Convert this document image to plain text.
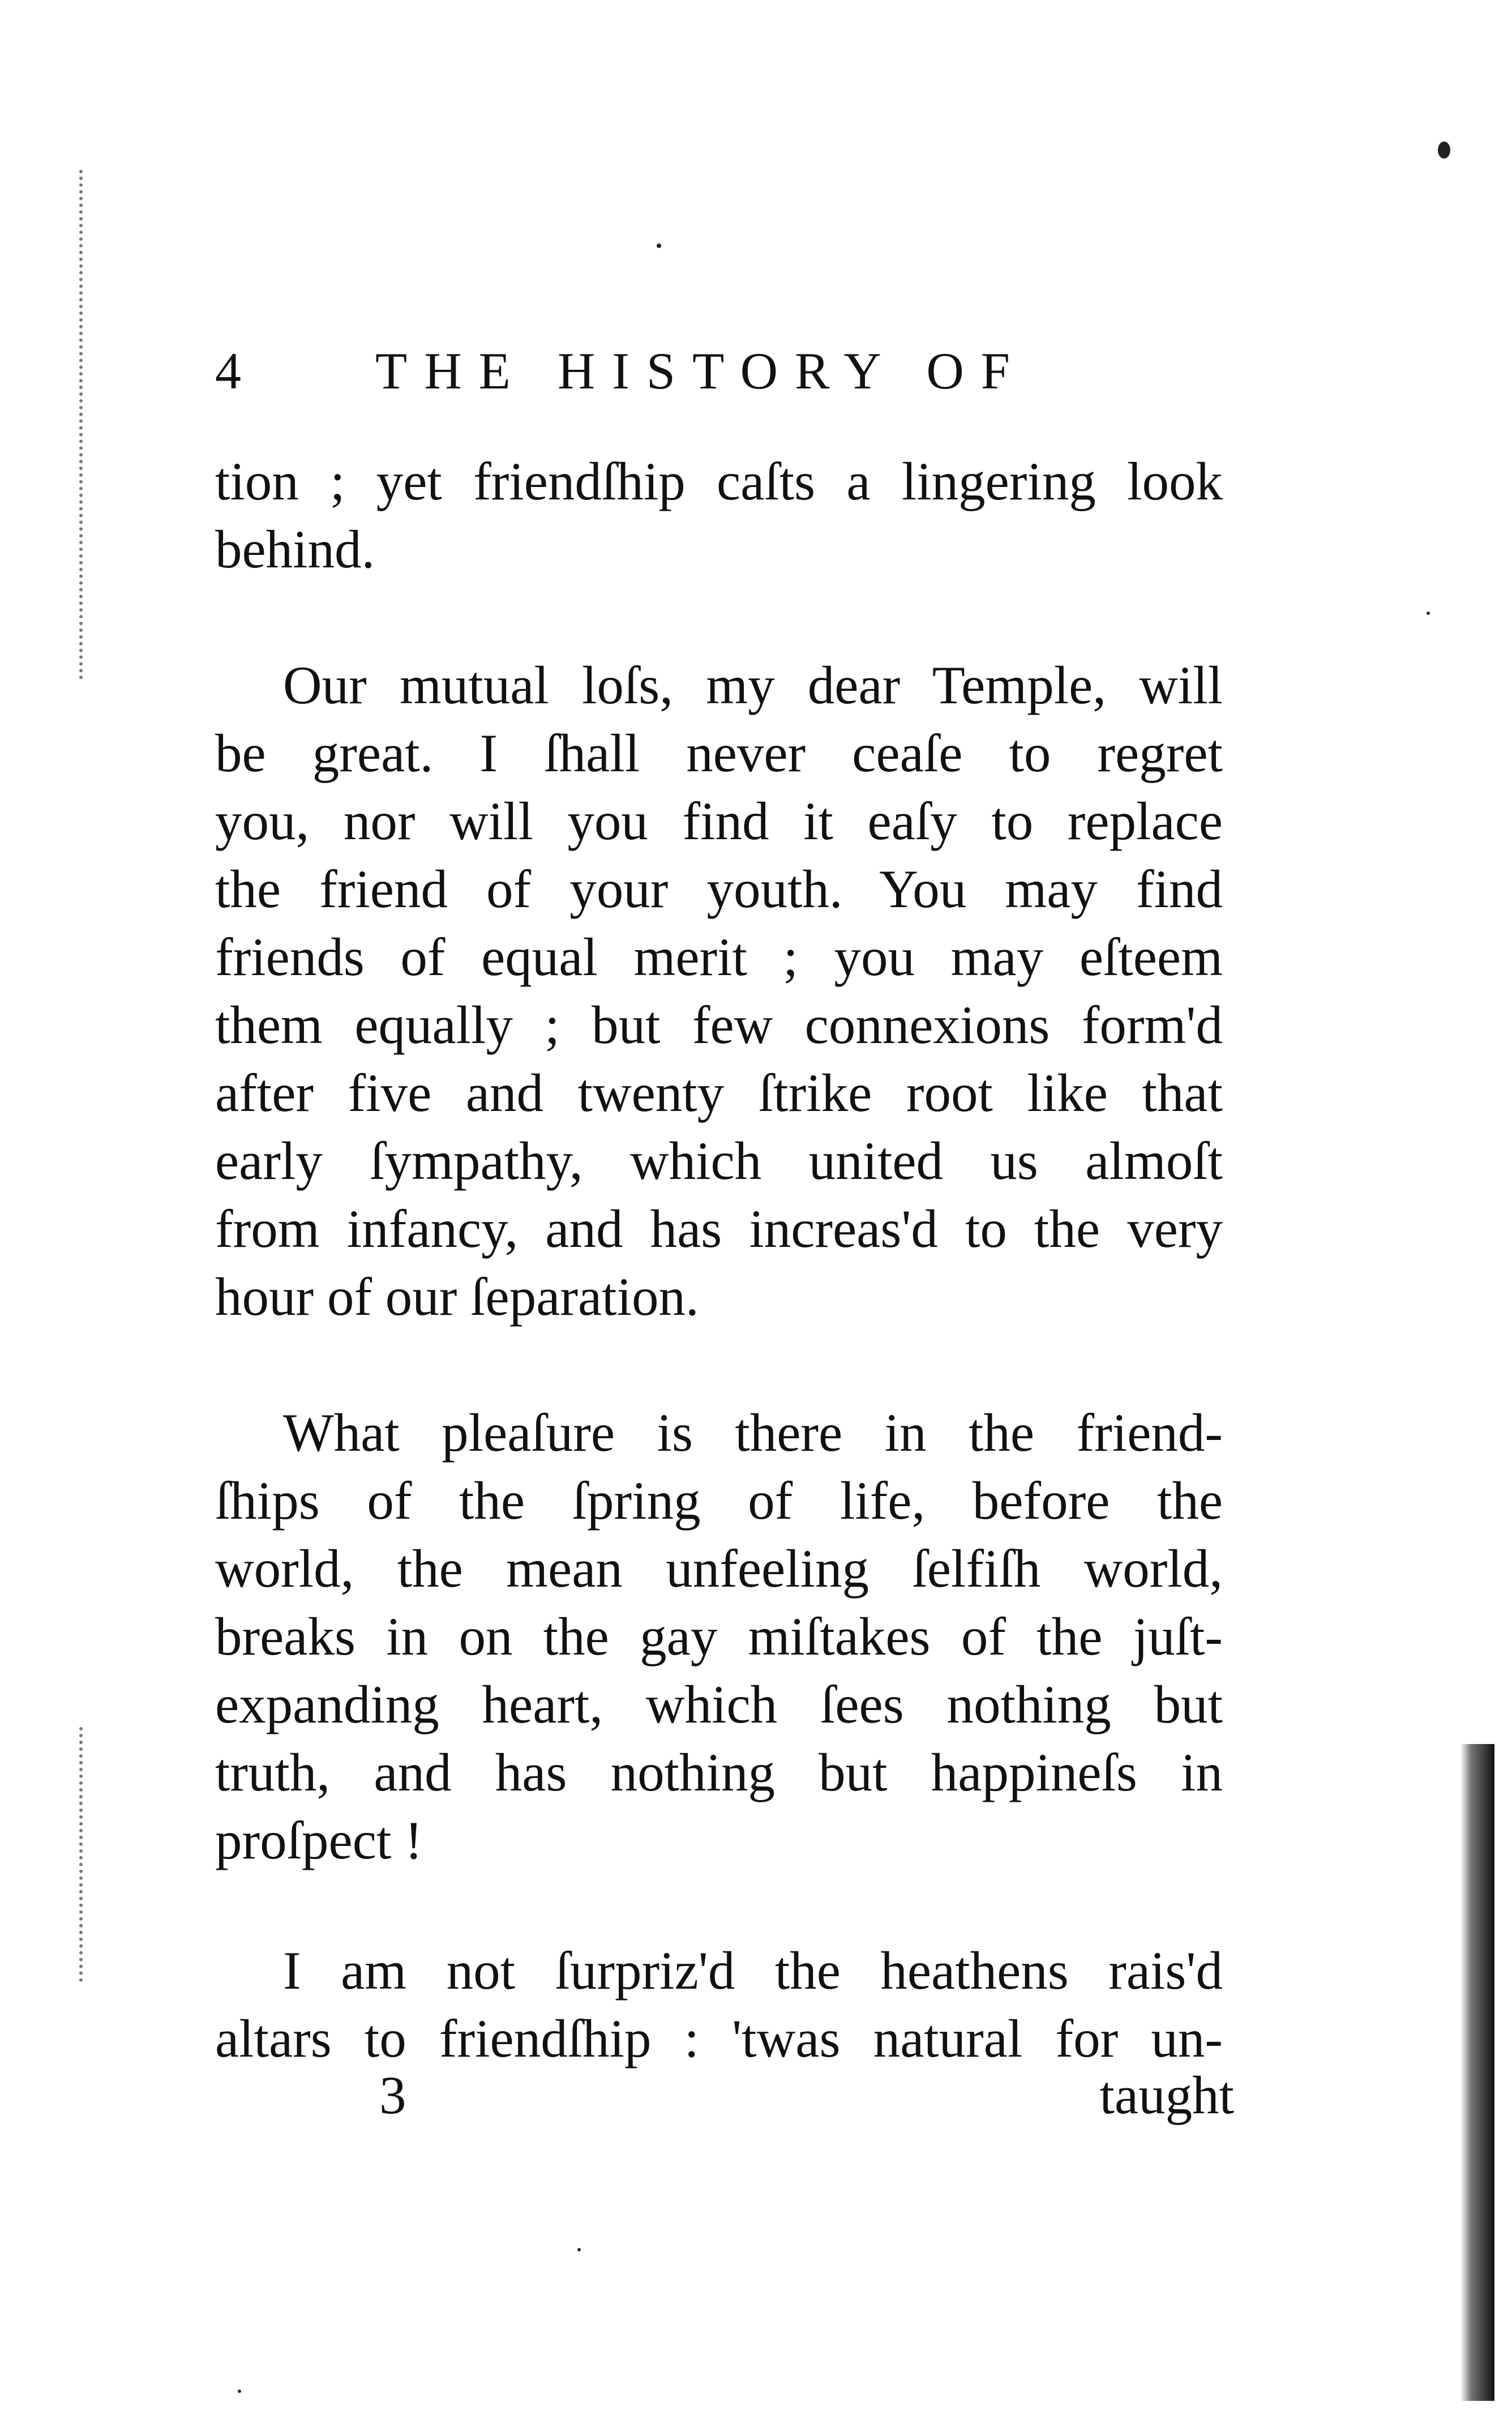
4	THE HISTORY OF
tion ; yet friendſhip caſts a lingering look
behind.
Our mutual loſs, my dear Temple, will
be great. I ſhall never ceaſe to regret
you, nor will you find it eaſy to replace
the friend of your youth. You may find
friends of equal merit ; you may eſteem
them equally ; but few connexions form'd
after five and twenty ſtrike root like that
early ſympathy, which united us almoſt
from infancy, and has increas'd to the very
hour of our ſeparation.
What pleaſure is there in the friend-
ſhips of the ſpring of life, before the
world, the mean unfeeling ſelfiſh world,
breaks in on the gay miſtakes of the juſt-
expanding heart, which ſees nothing but
truth, and has nothing but happineſs in
proſpect !
I am not ſurpriz'd the heathens rais'd
altars to friendſhip : 'twas natural for un-
3	taught
